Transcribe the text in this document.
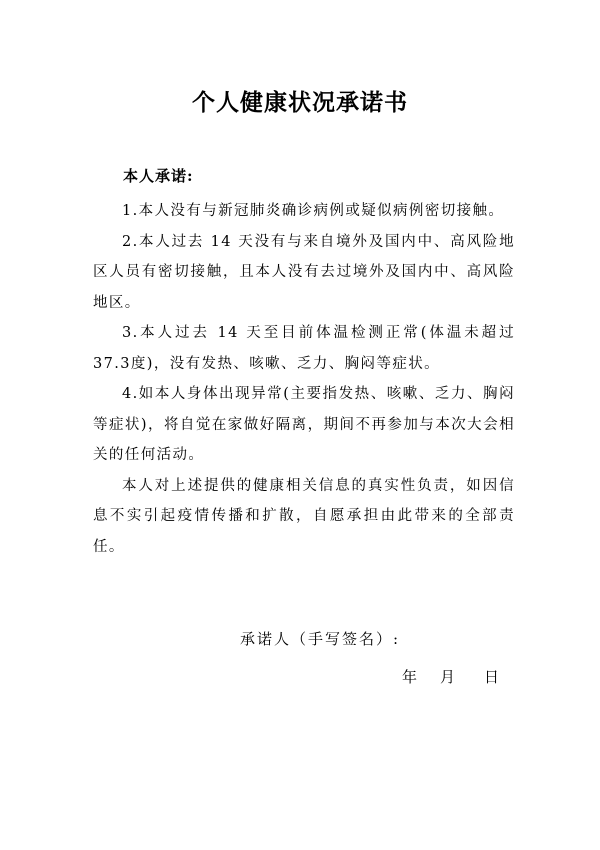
个人健康状况承诺书
本人承诺:

1.本人没有与新冠肺炎确诊病例或疑似病例密切接触。

2.本人过去 14 天没有与来自境外及国内中、高风险地区人员有密切接触，且本人没有去过境外及国内中、高风险地区。

3.本人过去 14 天至目前体温检测正常(体温未超过 37.3度)，没有发热、咳嗽、乏力、胸闷等症状。

4.如本人身体出现异常(主要指发热、咳嗽、乏力、胸闷等症状)，将自觉在家做好隔离，期间不再参加与本次大会相关的任何活动。

本人对上述提供的健康相关信息的真实性负责，如因信息不实引起疫情传播和扩散，自愿承担由此带来的全部责任。

承诺人（手写签名）:
年 月 日
